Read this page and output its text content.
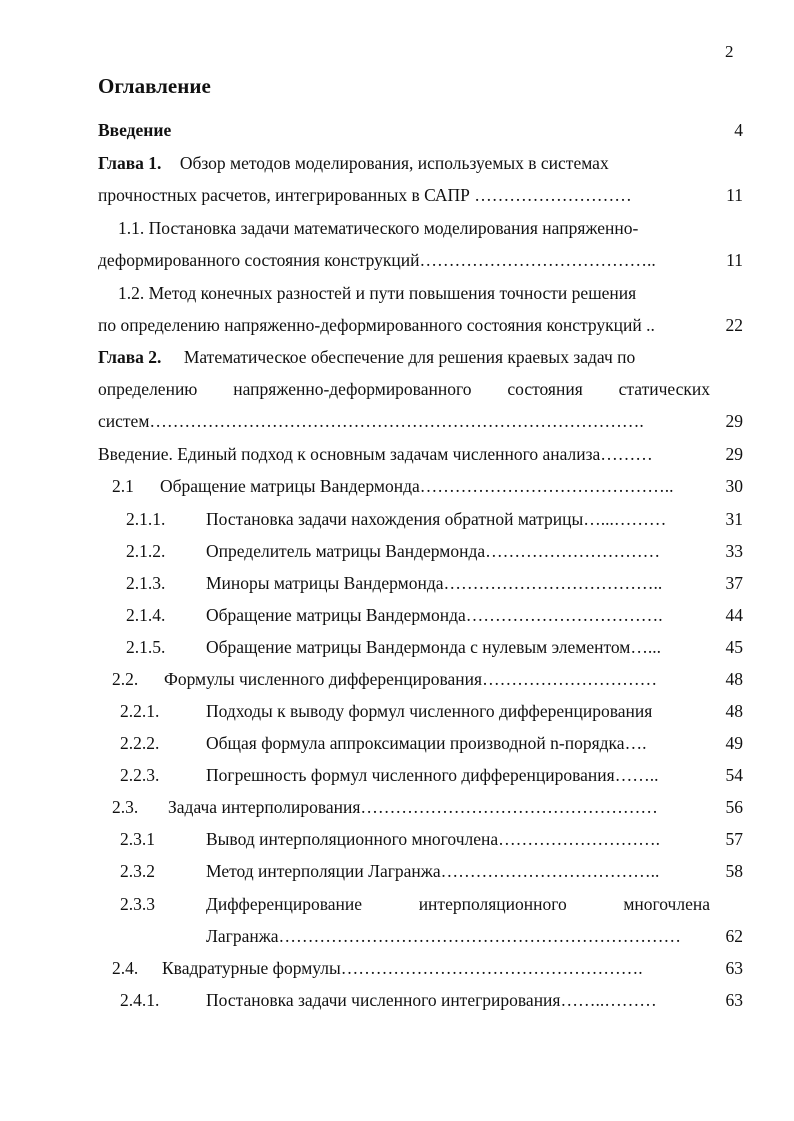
2
Оглавление
Введение	4
Глава 1. Обзор методов моделирования, используемых в системах
прочностных расчетов, интегрированных в САПР ………………………	11
1.1. Постановка задачи математического моделирования напряженно-
деформированного состояния конструкций…………………………………..	11
1.2. Метод конечных разностей и пути повышения точности решения
по определению напряженно-деформированного состояния конструкций ..	22
Глава 2. Математическое обеспечение для решения краевых задач по
определению напряженно-деформированного состояния статических
систем………………………………………………………………………….	29
Введение. Единый подход к основным задачам численного анализа………	29
2.1 Обращение матрицы Вандермонда……………………………………..	30
2.1.1. Постановка задачи нахождения обратной матрицы…...………	31
2.1.2. Определитель матрицы Вандермонда…………………………	33
2.1.3. Миноры матрицы Вандермонда………………………………..	37
2.1.4. Обращение матрицы Вандермонда…………………………….	44
2.1.5. Обращение матрицы Вандермонда с нулевым элементом…...	45
2.2. Формулы численного дифференцирования…………………………	48
2.2.1.	Подходы к выводу формул численного дифференцирования	48
2.2.2.	Общая формула аппроксимации производной n-порядка….	49
2.2.3.	Погрешность формул численного дифференцирования……..	54
2.3. Задача интерполирования……………………………………………	56
2.3.1	Вывод интерполяционного многочлена……………………….	57
2.3.2	Метод интерполяции Лагранжа………………………………..	58
2.3.3	Дифференцирование	интерполяционного	многочлена
Лагранжа……………………………………………………………	62
2.4. Квадратурные формулы…………………………………………….	63
2.4.1.	Постановка задачи численного интегрирования……..………	63
